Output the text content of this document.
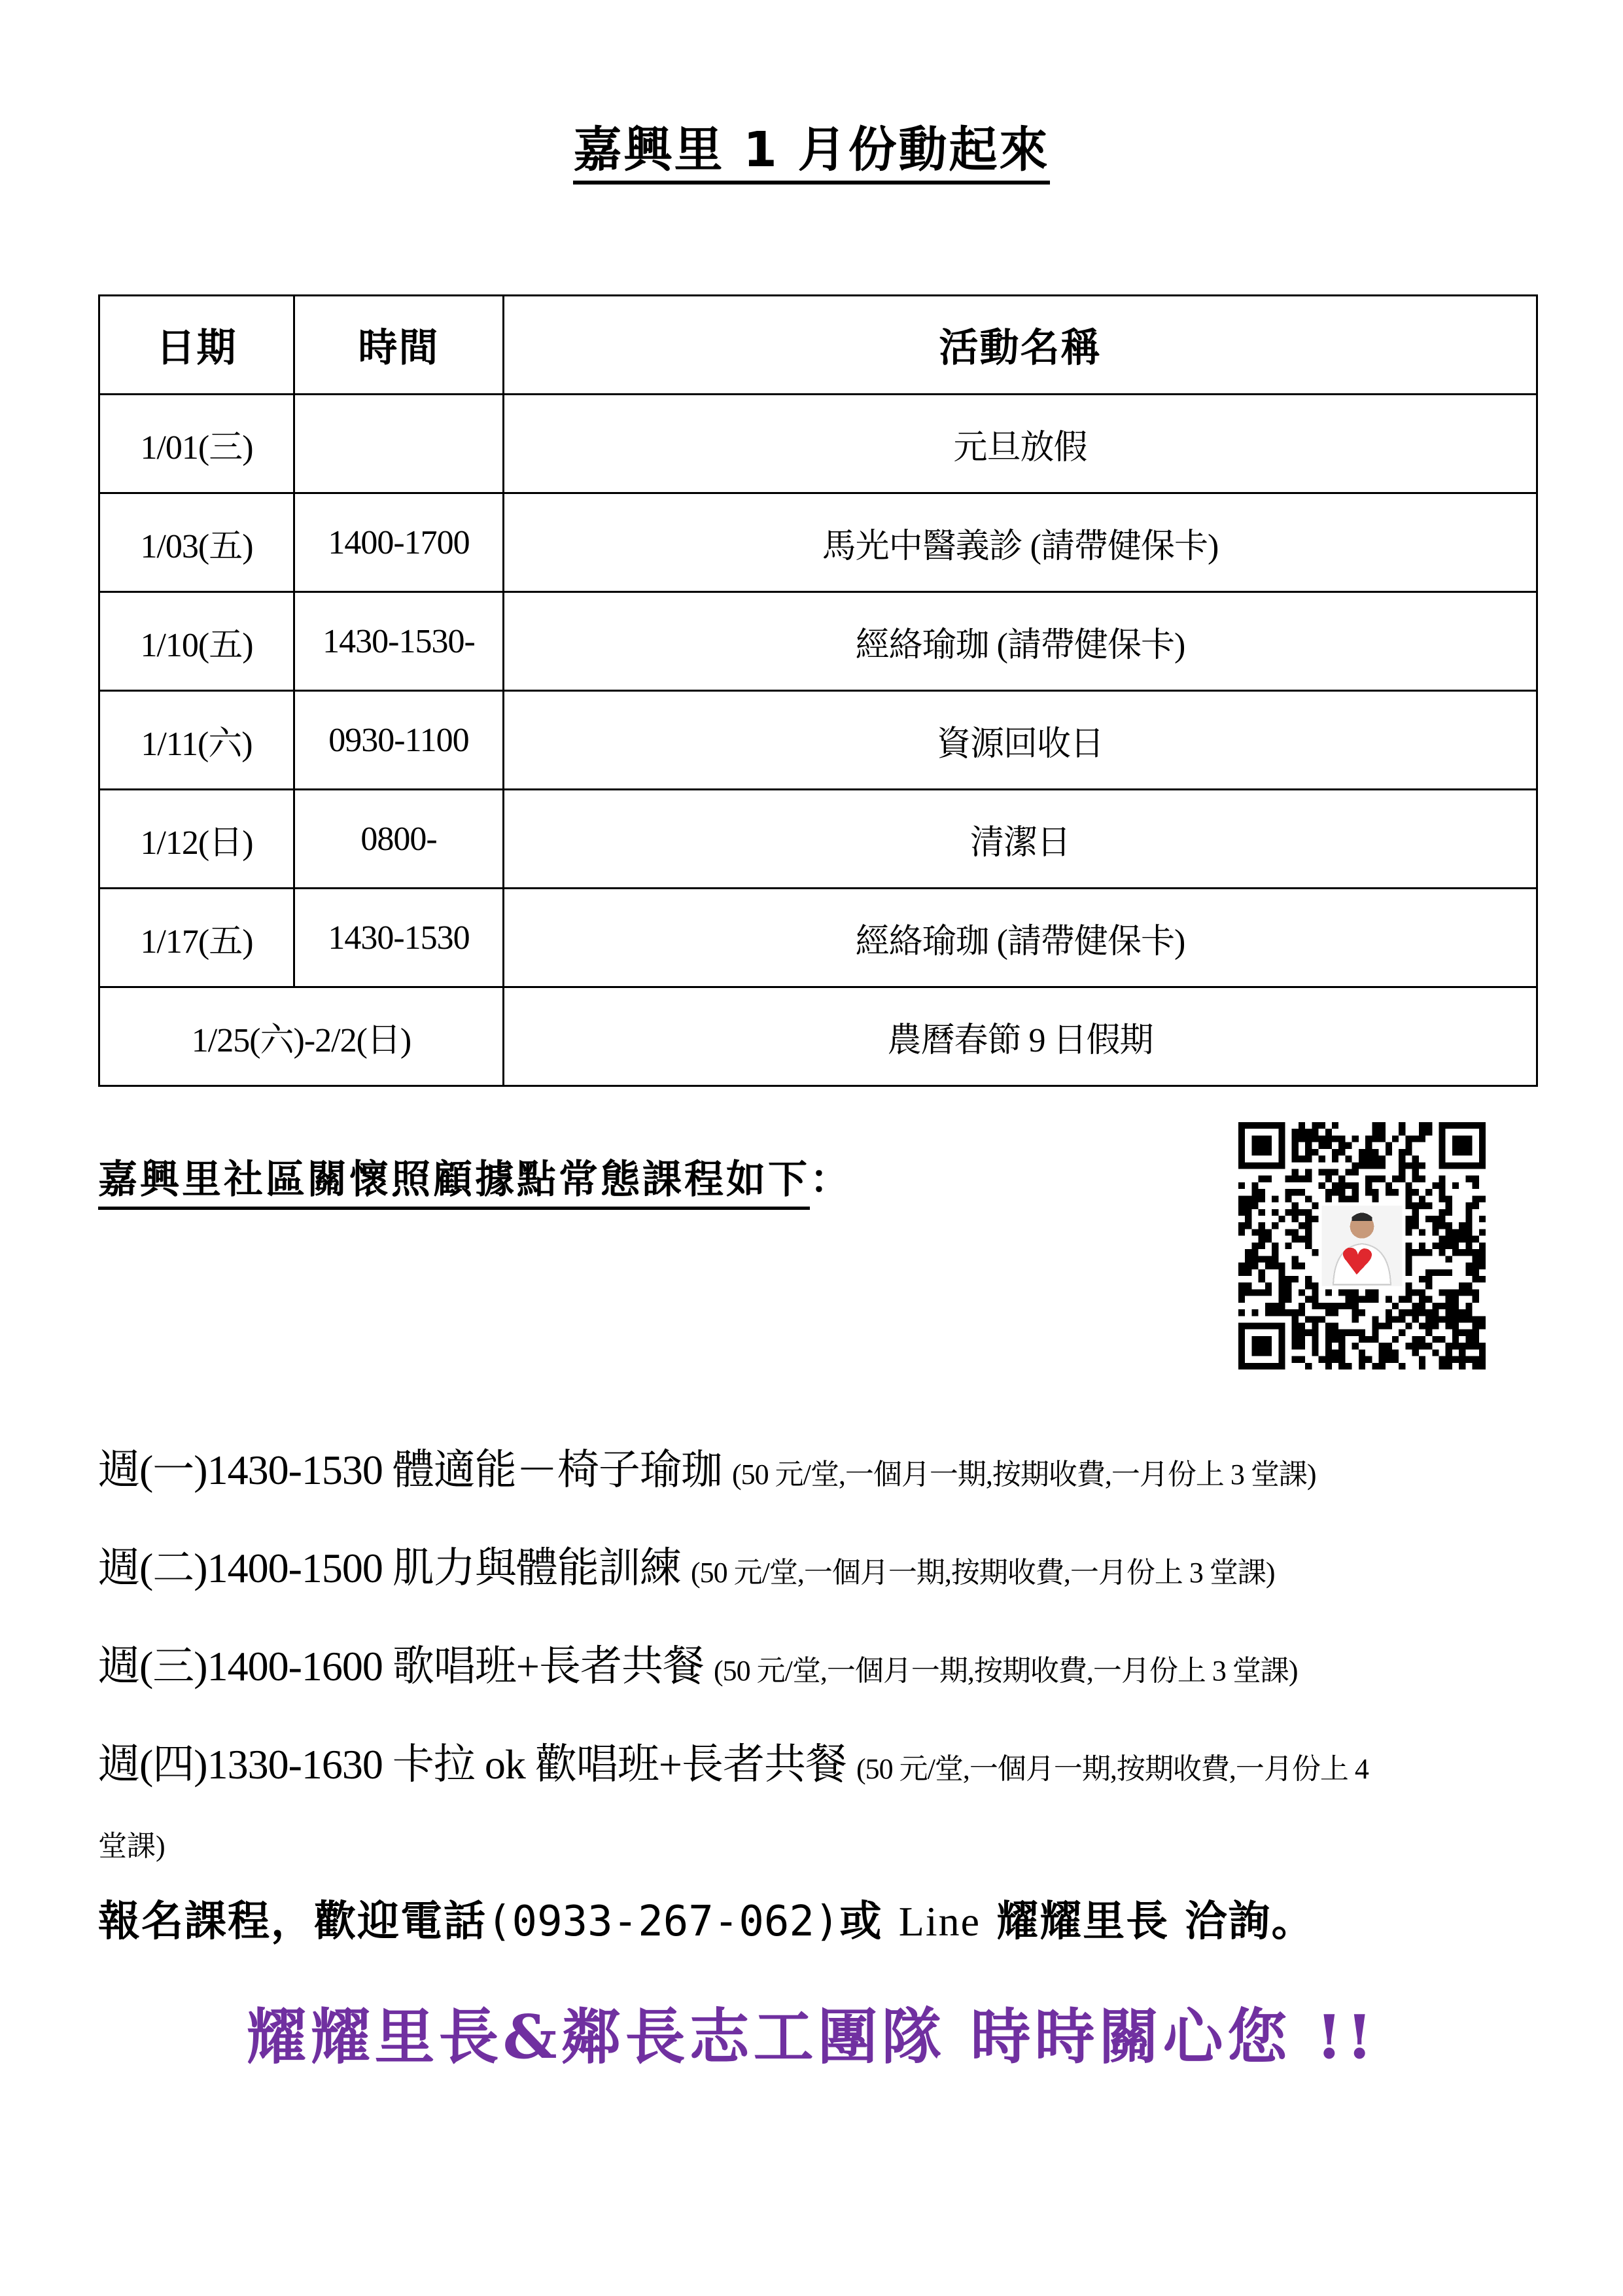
嘉興里 1 月份動起來
日期	時間	活動名稱
1/01(三)		元旦放假
1/03(五)	1400-1700	馬光中醫義診 (請帶健保卡)
1/10(五)	1430-1530-	經絡瑜珈 (請帶健保卡)
1/11(六)	0930-1100	資源回收日
1/12(日)	0800-	清潔日
1/17(五)	1430-1530	經絡瑜珈 (請帶健保卡)
1/25(六)-2/2(日)		農曆春節 9 日假期
嘉興里社區關懷照顧據點常態課程如下：
週(一)1430-1530 體適能－椅子瑜珈 (50 元/堂,一個月一期,按期收費,一月份上 3 堂課)
週(二)1400-1500 肌力與體能訓練 (50 元/堂,一個月一期,按期收費,一月份上 3 堂課)
週(三)1400-1600 歌唱班+長者共餐 (50 元/堂,一個月一期,按期收費,一月份上 3 堂課)
週(四)1330-1630 卡拉 ok 歡唱班+長者共餐 (50 元/堂,一個月一期,按期收費,一月份上 4
堂課)
報名課程，歡迎電話(0933-267-062)或 Line 耀耀里長 洽詢。
耀耀里長&鄰長志工團隊 時時關心您 !!
